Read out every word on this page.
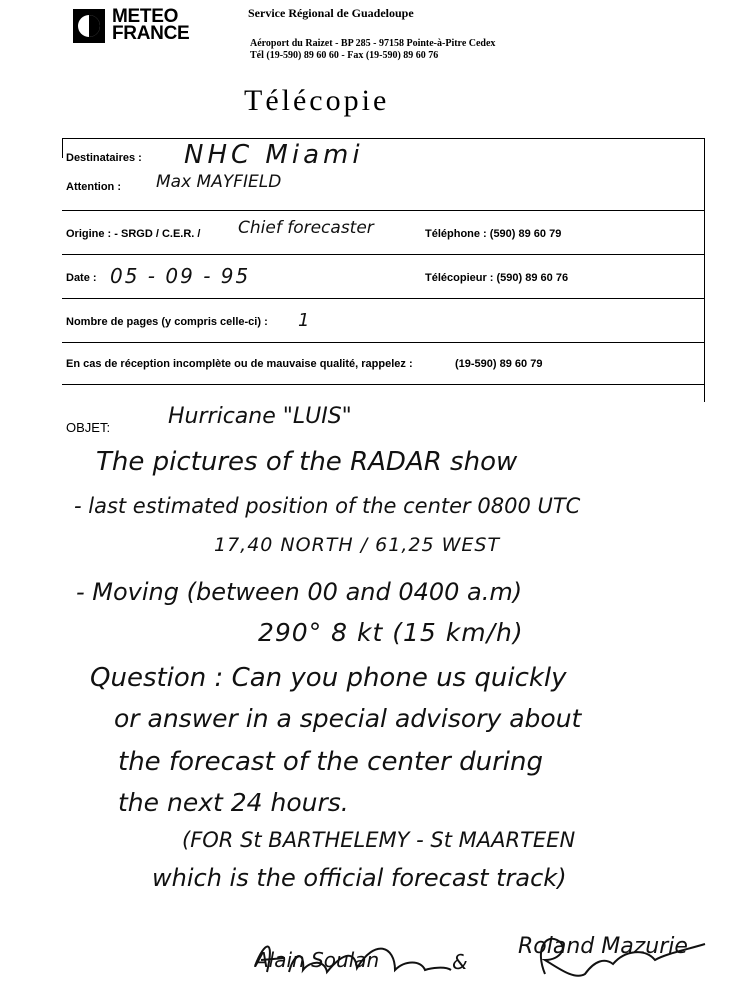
METEO
FRANCE
Service Régional de Guadeloupe
Aéroport du Raizet - BP 285 - 97158 Pointe-à-Pitre Cedex
Tél (19-590) 89 60 60 - Fax (19-590) 89 60 76
Télécopie
Destinataires : NHC Miami
Attention : Max MAYFIELD
Origine : - SRGD / C.E.R. / Chief forecaster	Téléphone : (590) 89 60 79
Date : 05 - 09 - 95	Télécopieur : (590) 89 60 76
Nombre de pages (y compris celle-ci) : 1
En cas de réception incomplète ou de mauvaise qualité, rappelez :	(19-590) 89 60 79
OBJET:	Hurricane "LUIS"
The pictures of the RADAR show
- last estimated position of the center 0800 UTC
17,40 NORTH / 61,25 WEST
- Moving (between 00 and 0400 a.m)
290° 8 kt (15 km/h)
Question : Can you phone us quickly
or answer in a special advisory about
the forecast of the center during
the next 24 hours.
(FOR St BARTHELEMY - St MAARTEEN
which is the official forecast track)
Alain Soulan	&
Roland Mazurie
